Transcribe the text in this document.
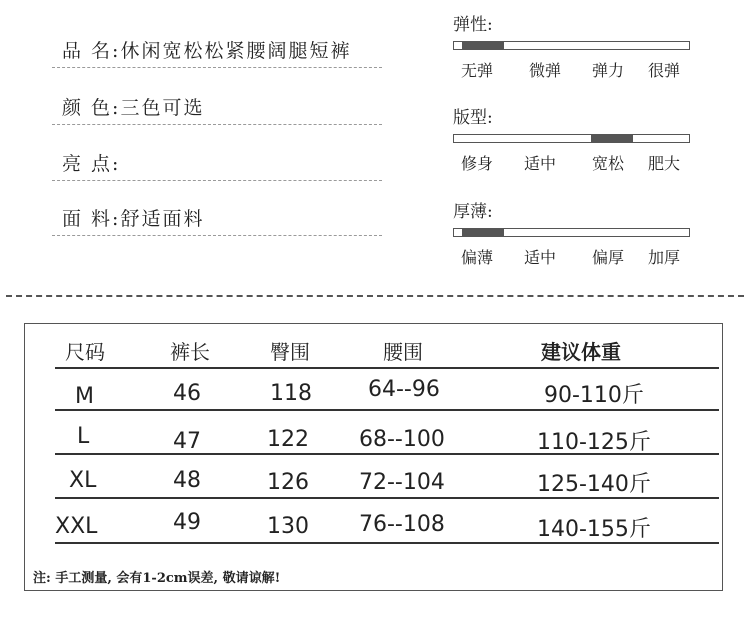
品 名:休闲宽松松紧腰阔腿短裤
颜 色:三色可选
亮 点:
面 料:舒适面料
弹性:
无弹 微弹 弹力 很弹
版型:
修身 适中 宽松 肥大
厚薄:
偏薄 适中 偏厚 加厚
尺码	裤长	臀围	腰围	建议体重
M	46	118	64--96	90-110斤
L	47	122 68--100	110-125斤
XL	48	126 72--104	125-140斤
XXL	49	130 76--108	140-155斤
注: 手工测量, 会有1-2cm误差, 敬请谅解!
